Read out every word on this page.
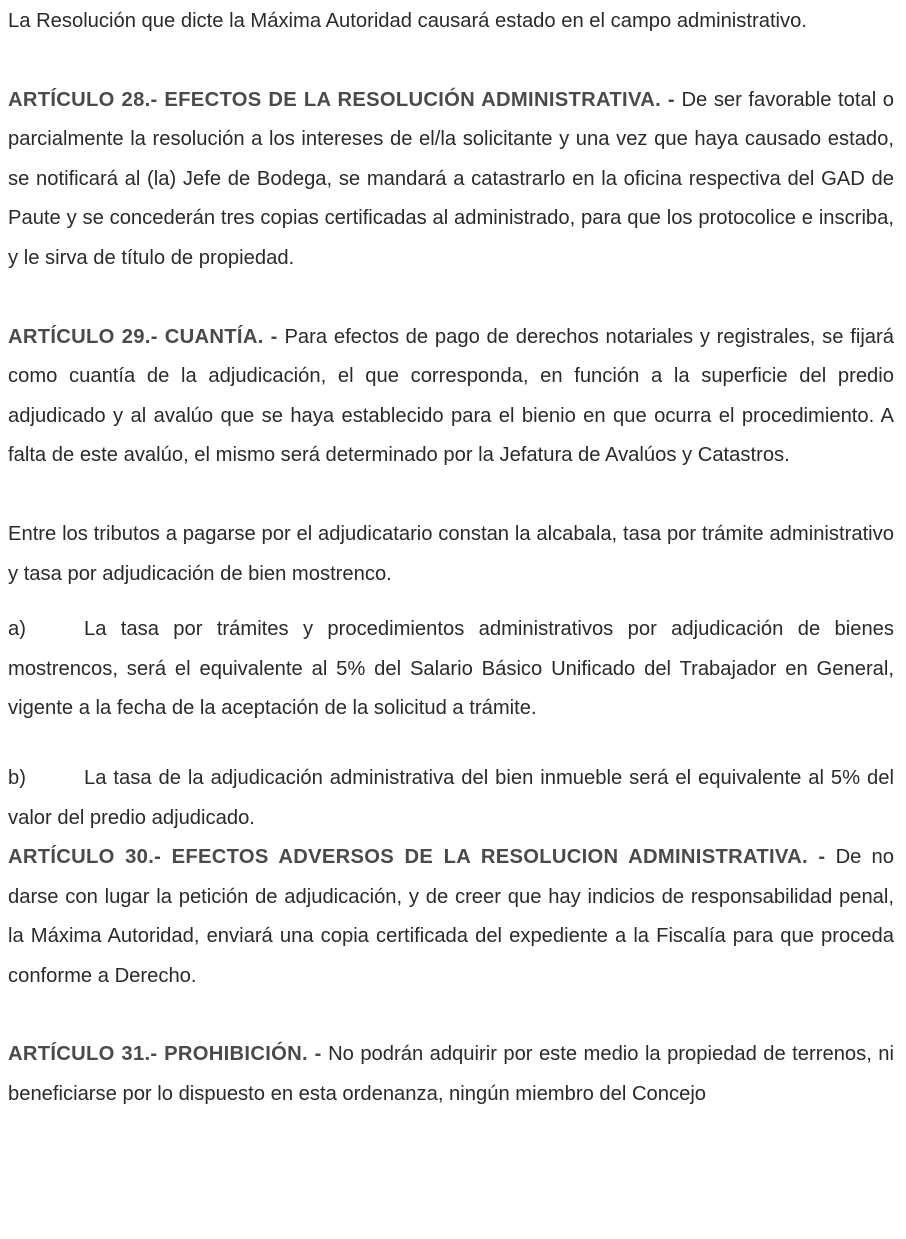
La Resolución que dicte la Máxima Autoridad causará estado en el campo administrativo.

ARTÍCULO 28.- EFECTOS DE LA RESOLUCIÓN ADMINISTRATIVA. - De ser favorable total o parcialmente la resolución a los intereses de el/la solicitante y una vez que haya causado estado, se notificará al (la) Jefe de Bodega, se mandará a catastrarlo en la oficina respectiva del GAD de Paute y se concederán tres copias certificadas al administrado, para que los protocolice e inscriba, y le sirva de título de propiedad.

ARTÍCULO 29.- CUANTÍA. - Para efectos de pago de derechos notariales y registrales, se fijará como cuantía de la adjudicación, el que corresponda, en función a la superficie del predio adjudicado y al avalúo que se haya establecido para el bienio en que ocurra el procedimiento. A falta de este avalúo, el mismo será determinado por la Jefatura de Avalúos y Catastros.

Entre los tributos a pagarse por el adjudicatario constan la alcabala, tasa por trámite administrativo y tasa por adjudicación de bien mostrenco.

a)	La tasa por trámites y procedimientos administrativos por adjudicación de bienes mostrencos, será el equivalente al 5% del Salario Básico Unificado del Trabajador en General, vigente a la fecha de la aceptación de la solicitud a trámite.

b)	La tasa de la adjudicación administrativa del bien inmueble será el equivalente al 5% del valor del predio adjudicado.

ARTÍCULO 30.- EFECTOS ADVERSOS DE LA RESOLUCION ADMINISTRATIVA. - De no darse con lugar la petición de adjudicación, y de creer que hay indicios de responsabilidad penal, la Máxima Autoridad, enviará una copia certificada del expediente a la Fiscalía para que proceda conforme a Derecho.

ARTÍCULO 31.- PROHIBICIÓN. - No podrán adquirir por este medio la propiedad de terrenos, ni beneficiarse por lo dispuesto en esta ordenanza, ningún miembro del Concejo
